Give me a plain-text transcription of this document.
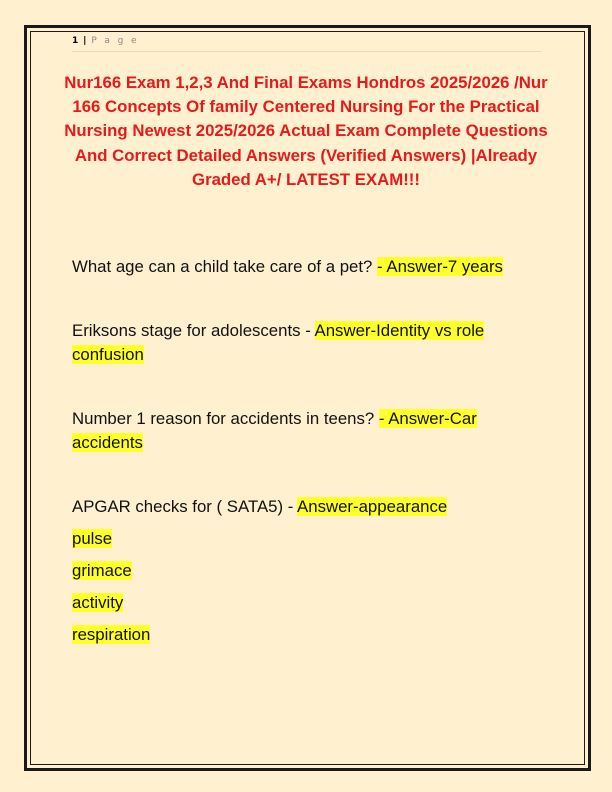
1 | P a g e
Nur166 Exam 1,2,3 And Final Exams Hondros 2025/2026 /Nur 166 Concepts Of family Centered Nursing For the Practical Nursing Newest 2025/2026 Actual Exam Complete Questions And Correct Detailed Answers (Verified Answers) |Already Graded A+/ LATEST EXAM!!!
What age can a child take care of a pet? - Answer-7 years
Eriksons stage for adolescents - Answer-Identity vs role confusion
Number 1 reason for accidents in teens? - Answer-Car accidents
APGAR checks for ( SATA5) - Answer-appearance
pulse
grimace
activity
respiration
